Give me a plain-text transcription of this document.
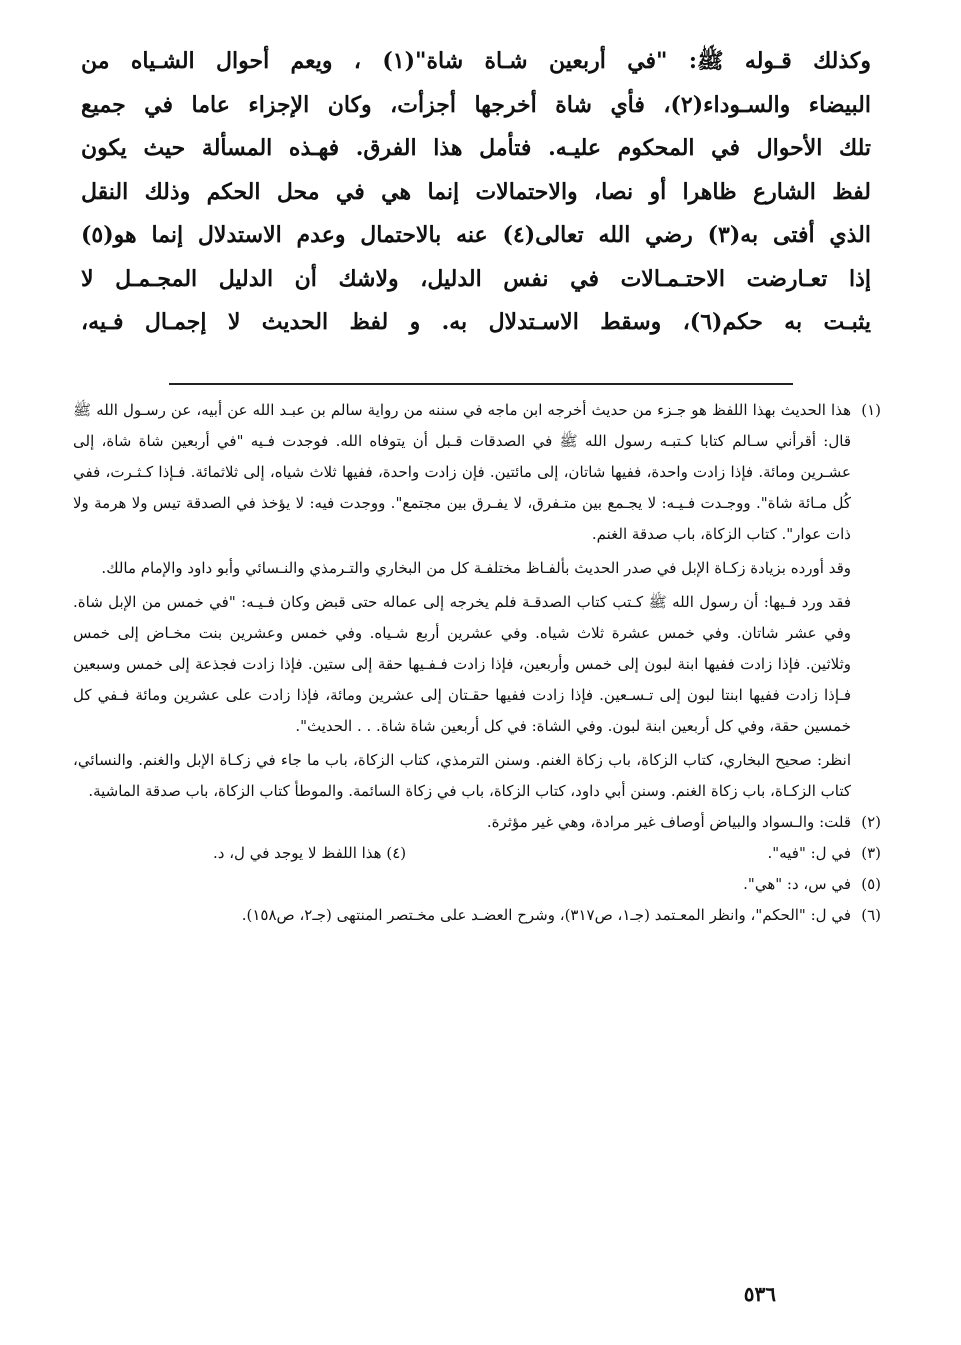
وكذلك قـوله ﷺ: "في أربعين شـاة شاة"(١) ، ويعم أحوال الشـياه من
البيضاء والسـوداء(٢)، فأي شاة أخرجها أجزأت، وكان الإجزاء عاما في جميع
تلك الأحوال في المحكوم عليـه. فتأمل هذا الفرق. فهـذه المسألة حيث يكون
لفظ الشارع ظاهرا أو نصا، والاحتمالات إنما هي في محل الحكم وذلك النقل
الذي أفتى به(٣) رضي الله تعالى(٤) عنه بالاحتمال وعدم الاستدلال إنما هو(٥)
إذا تعـارضت الاحتـمـالات في نفس الدليل، ولاشك أن الدليل المجـمـل لا
يثبـت به حكم(٦)، وسقط الاسـتدلال به. و لفظ الحديث لا إجمـال فـيه،
(١)
هذا الحديث بهذا اللفظ هو جـزء من حديث أخرجه ابن ماجه في سننه من رواية سالم بن عبـد الله عن أبيه، عن رسـول الله ﷺ قال: أقرأني سـالم كتابا كـتبـه رسول الله ﷺ في الصدقات قـبل أن يتوفاه الله. فوجدت فـيه "في أربعين شاة شاة، إلى عشـرين ومائة. فإذا زادت واحدة، ففيها شاتان، إلى مائتين. فإن زادت واحدة، ففيها ثلاث شياه، إلى ثلاثمائة. فـإذا كـثـرت، ففي كُل مـائة شاة". ووجـدت فـيـه: لا يجـمع بين متـفرق، لا يفـرق بين مجتمع". ووجدت فيه: لا يؤخذ في الصدقة تيس ولا هرمة ولا ذات عوار". كتاب الزكاة، باب صدقة الغنم.
وقد أورده بزيادة زكـاة الإبل في صدر الحديث بألفـاظ مختلفـة كل من البخاري والتـرمذي والنـسائي وأبو داود والإمام مالك.
فقد ورد فـيها: أن رسول الله ﷺ كـتب كتاب الصدقـة فلم يخرجه إلى عماله حتى قبض وكان فـيـه: "في خمس من الإبل شاة. وفي عشر شاتان. وفي خمس عشرة ثلاث شياه. وفي عشرين أربع شـياه. وفي خمس وعشرين بنت مخـاض إلى خمس وثلاثين. فإذا زادت ففيها ابنة لبون إلى خمس وأربعين، فإذا زادت فـفـيها حقة إلى ستين. فإذا زادت فجذعة إلى خمس وسبعين فـإذا زادت ففيها ابنتا لبون إلى تـسـعين. فإذا زادت ففيها حقـتان إلى عشرين ومائة، فإذا زادت على عشرين ومائة فـفي كل خمسين حقة، وفي كل أربعين ابنة لبون. وفي الشاة: في كل أربعين شاة شاة. . . الحديث".
انظر: صحيح البخاري، كتاب الزكاة، باب زكاة الغنم. وسنن الترمذي، كتاب الزكاة، باب ما جاء في زكـاة الإبل والغنم. والنسائي، كتاب الزكـاة، باب زكاة الغنم. وسنن أبي داود، كتاب الزكاة، باب في زكاة السائمة. والموطأ كتاب الزكاة، باب صدقة الماشية.
(٢)
قلت: والـسواد والبياض أوصاف غير مرادة، وهي غير مؤثرة.
(٣)
في ل: "فيه".
(٤) هذا اللفظ لا يوجد في ل، د.
(٥)
في س، د: "هي".
(٦)
في ل: "الحكم"، وانظر المعـتمد (جـ١، ص٣١٧)، وشرح العضـد على مخـتصر المنتهى (جـ٢، ص١٥٨).
٥٣٦
